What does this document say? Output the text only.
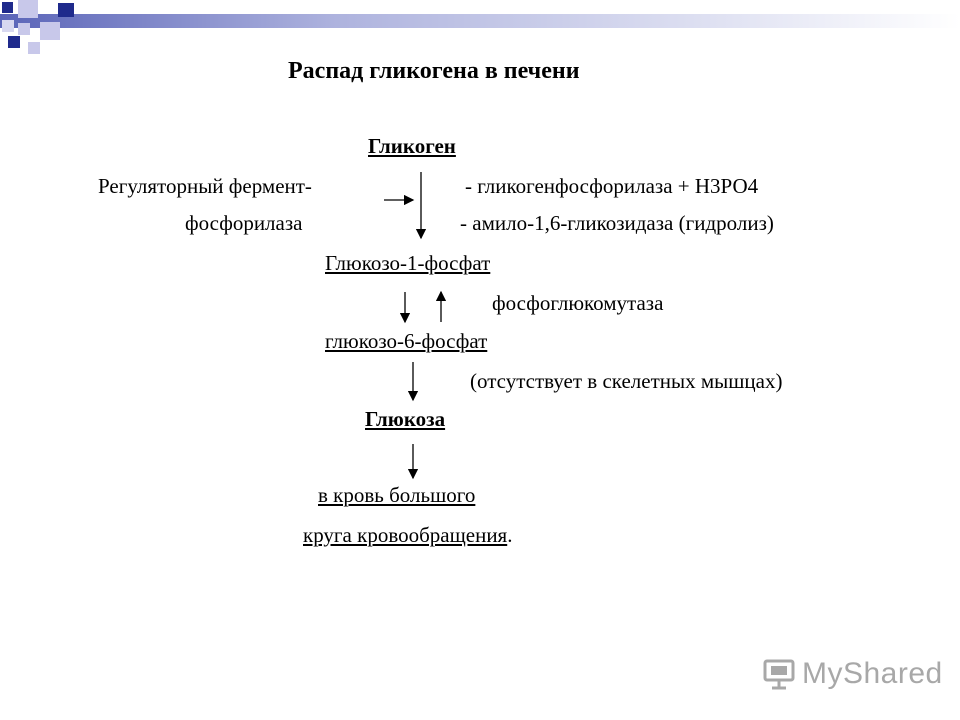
Распад гликогена в печени
Гликоген
Регуляторный фермент-	- гликогенфосфорилаза + Н3РО4
фосфорилаза	- амило-1,6-гликозидаза (гидролиз)
Глюкозо-1-фосфат
фосфоглюкомутаза
глюкозо-6-фосфат
(отсутствует в скелетных мышцах)
Глюкоза
в кровь большого
круга кровообращения.
MyShared
